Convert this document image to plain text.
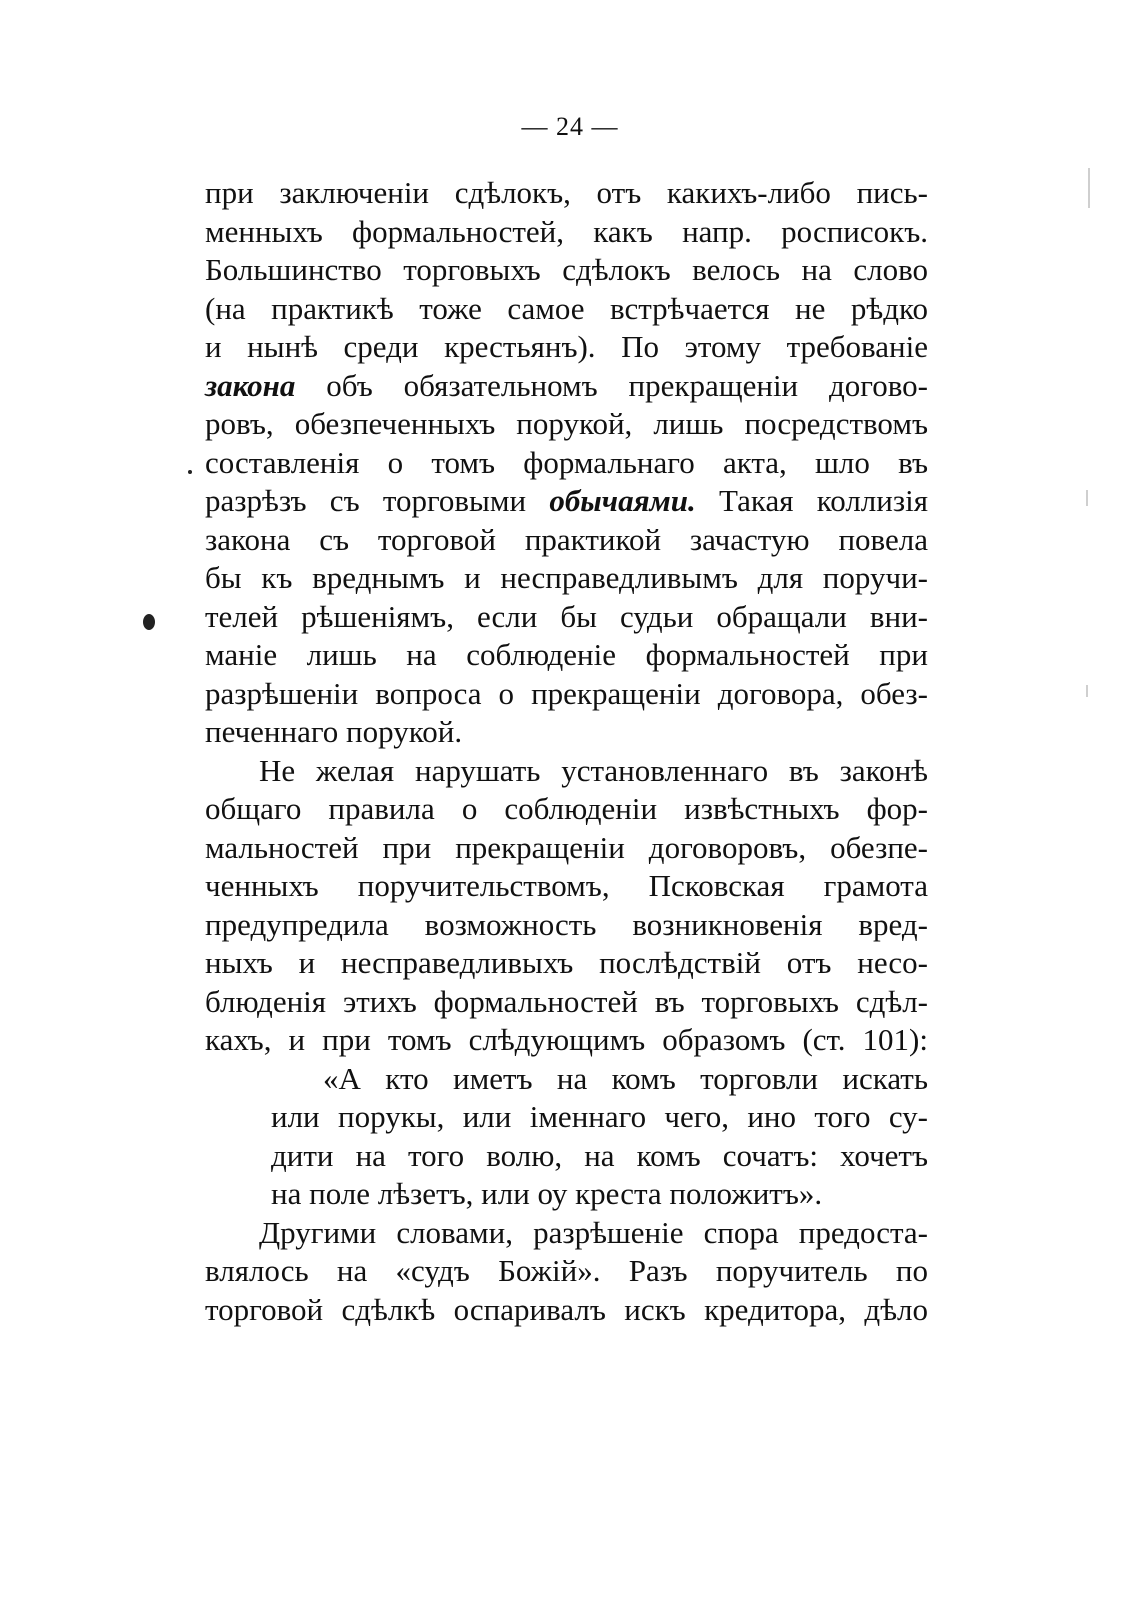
— 24 —
при заключенiи сдѣлокъ, отъ какихъ-либо пись-
менныхъ формальностей, какъ напр. росписокъ.
Большинство торговыхъ сдѣлокъ велось на слово
(на практикѣ тоже самое встрѣчается не рѣдко
и нынѣ среди крестьянъ). По этому требованiе
закона объ обязательномъ прекращенiи догово-
ровъ, обезпеченныхъ порукой, лишь посредствомъ
составленiя о томъ формальнаго акта, шло въ
разрѣзъ съ торговыми обычаями. Такая коллизiя
закона съ торговой практикой зачастую повела
бы къ вреднымъ и несправедливымъ для поручи-
телей рѣшенiямъ, если бы судьи обращали вни-
манiе лишь на соблюденiе формальностей при
разрѣшенiи вопроса о прекращенiи договора, обез-
печеннаго порукой.
Не желая нарушать установленнаго въ законѣ
общаго правила о соблюденiи извѣстныхъ фор-
мальностей при прекращенiи договоровъ, обезпе-
ченныхъ поручительствомъ, Псковская грамота
предупредила возможность возникновенiя вред-
ныхъ и несправедливыхъ послѣдствiй отъ несо-
блюденiя этихъ формальностей въ торговыхъ сдѣл-
кахъ, и при томъ слѣдующимъ образомъ (ст. 101):
«А кто иметъ на комъ торговли искать
или порукы, или iменнаго чего, ино того су-
дити на того волю, на комъ сочатъ: хочетъ
на поле лѣзетъ, или оу креста положитъ».
Другими словами, разрѣшенiе спора предоста-
влялось на «судъ Божiй». Разъ поручитель по
торговой сдѣлкѣ оспаривалъ искъ кредитора, дѣло
